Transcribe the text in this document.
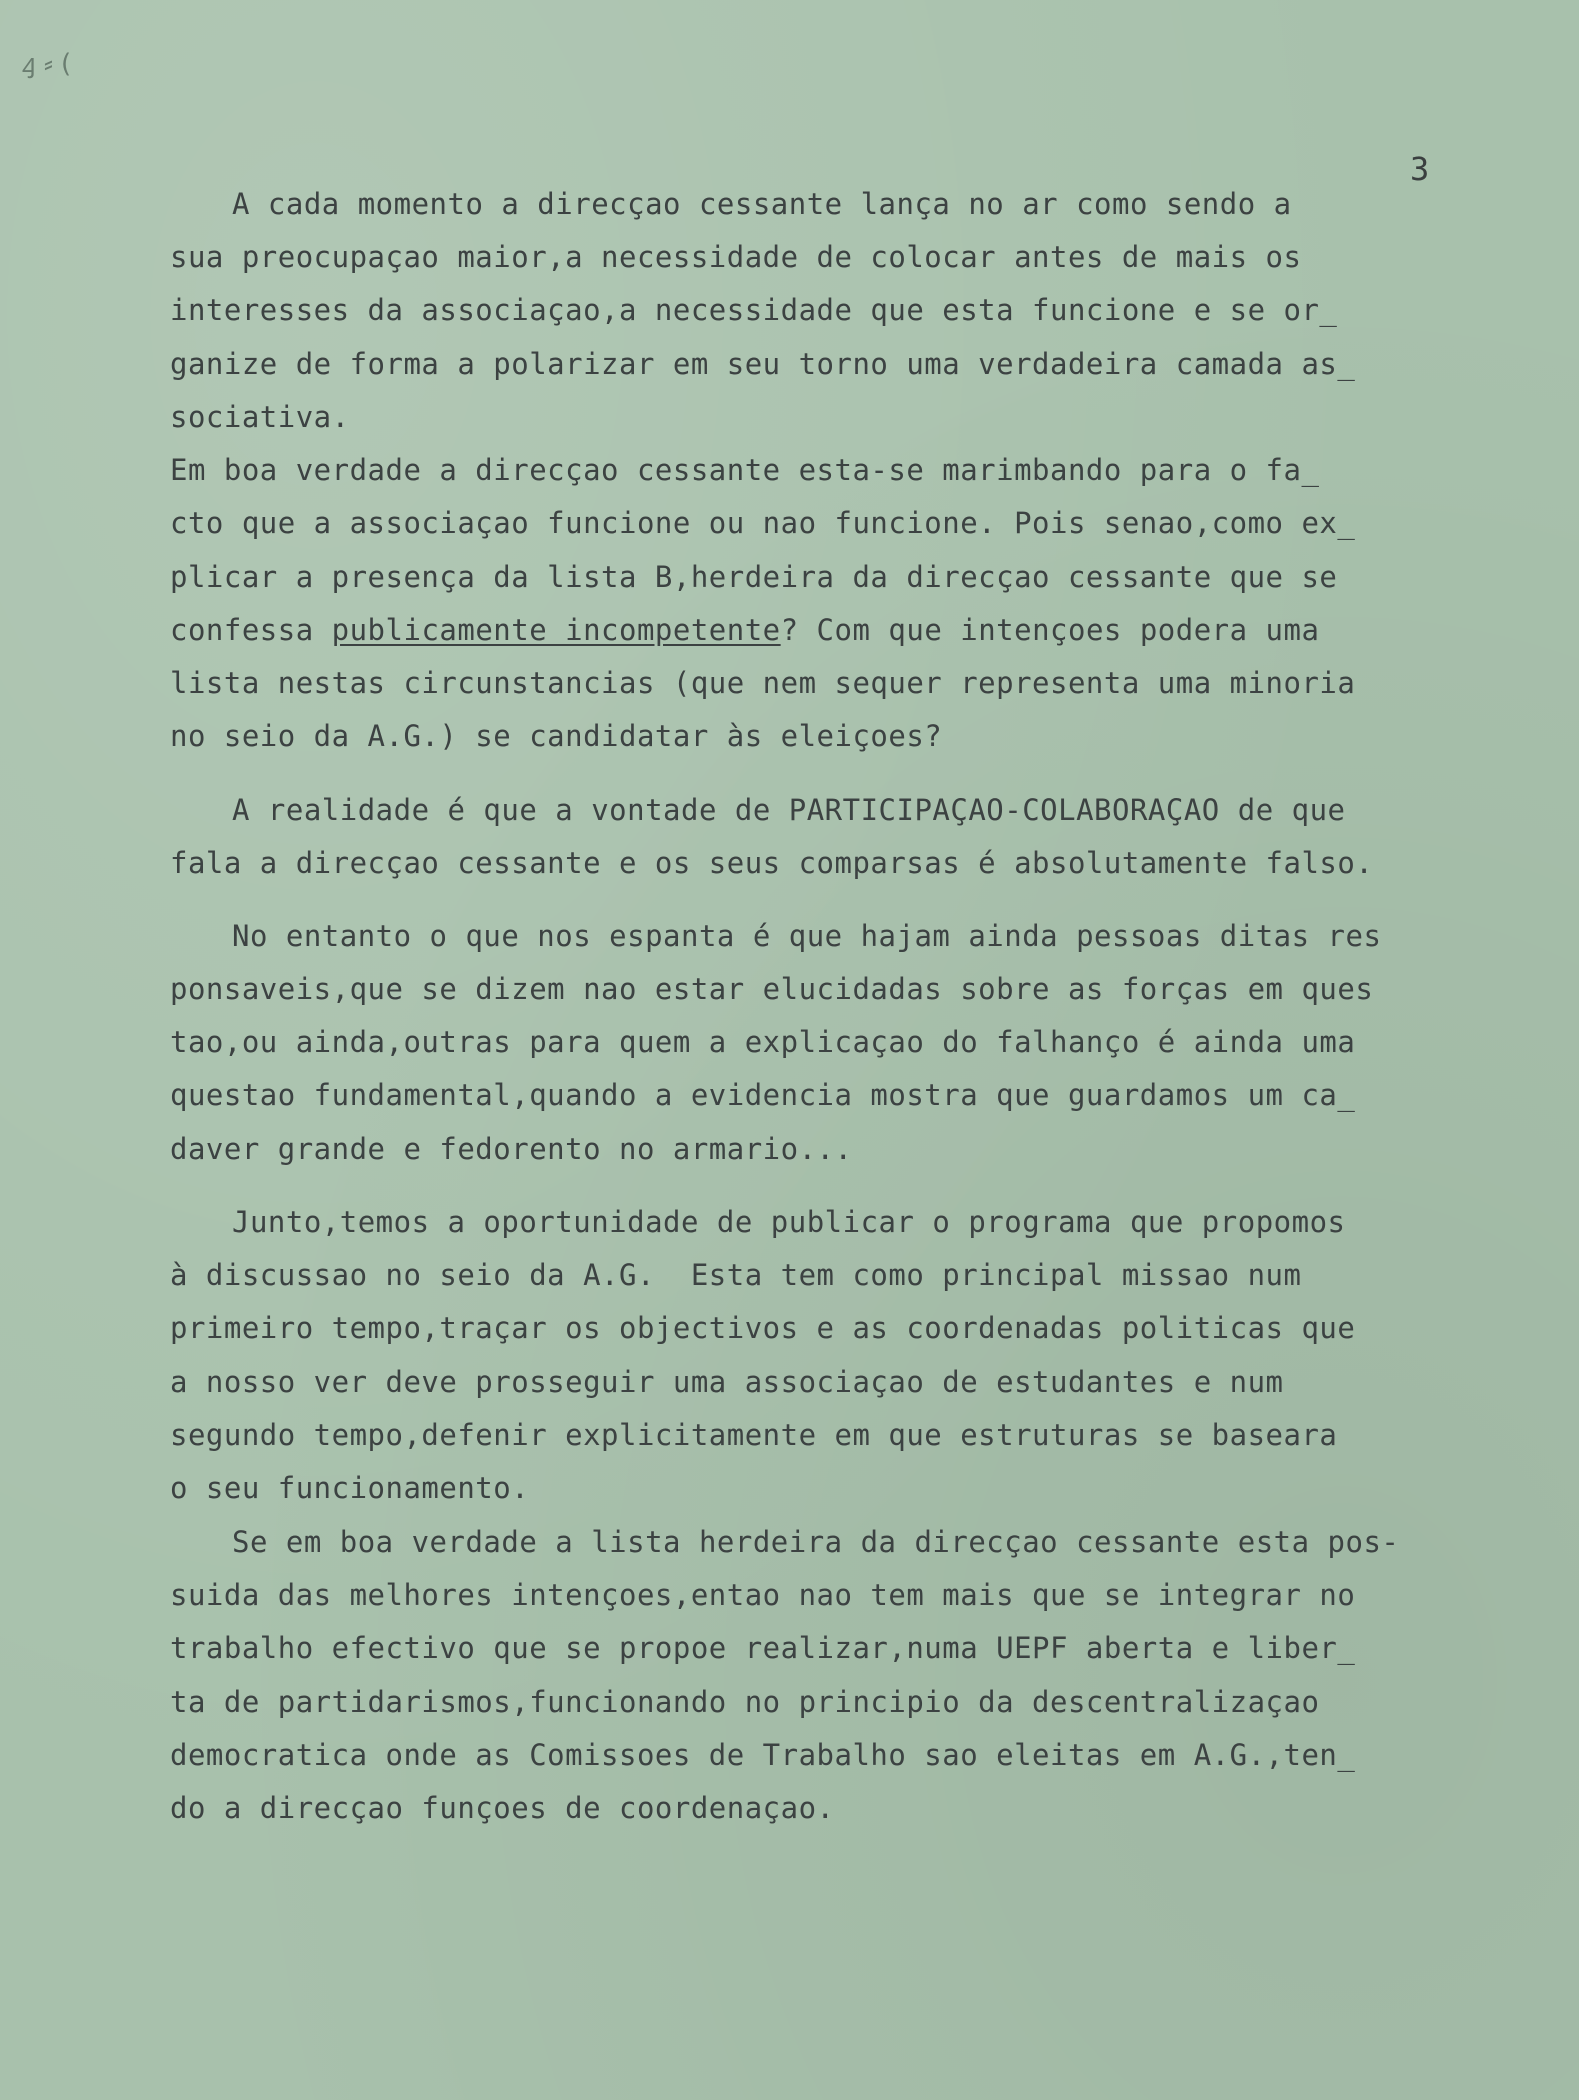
ꜭ ⸗ (
3
A cada momento a direcçao cessante lança no ar como sendo a
sua preocupaçao maior,a necessidade de colocar antes de mais os
interesses da associaçao,a necessidade que esta funcione e se or_
ganize de forma a polarizar em seu torno uma verdadeira camada as_
sociativa.
Em boa verdade a direcçao cessante esta-se marimbando para o fa_
cto que a associaçao funcione ou nao funcione. Pois senao,como ex_
plicar a presença da lista B,herdeira da direcçao cessante que se
confessa publicamente incompetente? Com que intençoes podera uma
lista nestas circunstancias (que nem sequer representa uma minoria
no seio da A.G.) se candidatar às eleiçoes?
A realidade é que a vontade de PARTICIPAÇAO-COLABORAÇAO de que
fala a direcçao cessante e os seus comparsas é absolutamente falso.
No entanto o que nos espanta é que hajam ainda pessoas ditas res
ponsaveis,que se dizem nao estar elucidadas sobre as forças em ques
tao,ou ainda,outras para quem a explicaçao do falhanço é ainda uma
questao fundamental,quando a evidencia mostra que guardamos um ca_
daver grande e fedorento no armario...
Junto,temos a oportunidade de publicar o programa que propomos
à discussao no seio da A.G.  Esta tem como principal missao num
primeiro tempo,traçar os objectivos e as coordenadas politicas que
a nosso ver deve prosseguir uma associaçao de estudantes e num
segundo tempo,defenir explicitamente em que estruturas se baseara
o seu funcionamento.
Se em boa verdade a lista herdeira da direcçao cessante esta pos-
suida das melhores intençoes,entao nao tem mais que se integrar no
trabalho efectivo que se propoe realizar,numa UEPF aberta e liber_
ta de partidarismos,funcionando no principio da descentralizaçao
democratica onde as Comissoes de Trabalho sao eleitas em A.G.,ten_
do a direcçao funçoes de coordenaçao.
